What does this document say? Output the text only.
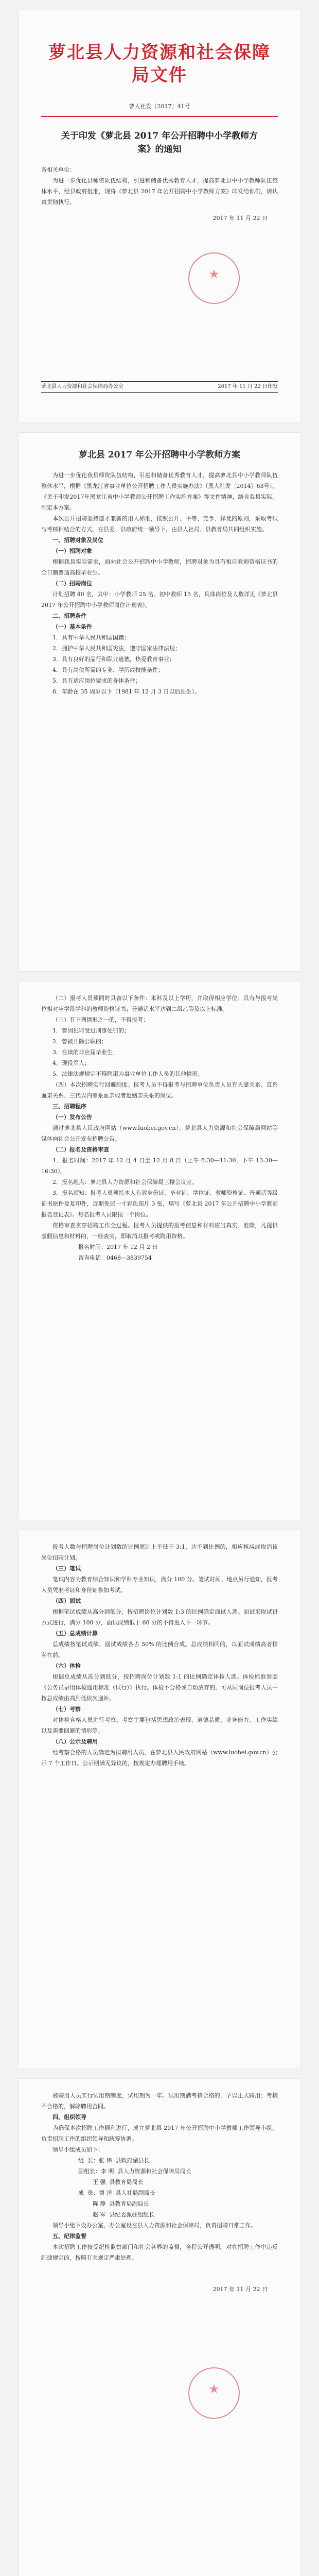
萝北县人力资源和社会保障局文件
萝人社发〔2017〕41号
关于印发《萝北县 2017 年公开招聘中小学教师方
案》的通知

各相关单位：

为进一步优化县师资队伍结构，引进和储备优秀教育人才，提高萝北县中小学教师队伍整体水平，经县政府批准，现将《萝北县 2017 年公开招聘中小学教师方案》印发给你们，请认真贯彻执行。

2017 年 11 月 22 日
★
萝北县人力资源和社会保障局办公室	2017 年 11 月 22 日印发
萝北县 2017 年公开招聘中小学教师方案

为进一步优化我县师资队伍结构，引进和储备优秀教育人才，提高萝北县中小学教师队伍整体水平，根据《黑龙江省事业单位公开招聘工作人员实施办法》（黑人社发〔2014〕63号）、《关于印发2017年黑龙江省中小学教师公开招聘工作实施方案》等文件精神，结合我县实际，制定本方案。

本次公开招聘坚持德才兼备的用人标准，按照公开、平等、竞争、择优的原则，采取考试与考核相结合的方式，在县委、县政府统一领导下，由县人社局、县教育局共同组织实施。

一、招聘对象及岗位

（一）招聘对象

根据我县实际需求，面向社会公开招聘中小学教师，招聘对象为具有相应教师资格证书的全日制普通高校毕业生。

（二）招聘岗位

计划招聘 40 名，其中：小学教师 25 名、初中教师 15 名，具体岗位及人数详见《萝北县 2017 年公开招聘中小学教师岗位计划表》。

二、招聘条件

（一）基本条件

1．具有中华人民共和国国籍；

2．拥护中华人民共和国宪法，遵守国家法律法规；

3．具有良好的品行和职业道德，热爱教育事业；

4．具有岗位所需的专业、学历或技能条件；

5．具有适应岗位要求的身体条件；

6．年龄在 35 周岁以下（1981 年 12 月 3 日以后出生）。

（二）报考人员须同时具备以下条件：本科及以上学历，并取得相应学位；具有与报考岗位相对应学段学科的教师资格证书；普通话水平达到二级乙等及以上标准。

（三）有下列情形之一的，不得报考：

1．曾因犯罪受过刑事处罚的；

2．曾被开除公职的；

3．在读的非应届毕业生；

4．现役军人；

5．法律法规规定不得聘用为事业单位工作人员的其他情形。

（四）本次招聘实行回避制度。报考人员不得报考与招聘单位负责人员有夫妻关系、直系血亲关系、三代以内旁系血亲或者近姻亲关系的岗位。

三、招聘程序

（一）发布公告

通过萝北县人民政府网站（www.luobei.gov.cn）、萝北县人力资源和社会保障局网站等媒体向社会公开发布招聘公告。

（二）报名及资格审查

1．报名时间：2017 年 12 月 4 日至 12 月 8 日（上午 8:30—11:30，下午 13:30—16:30）。

2．报名地点：萝北县人力资源和社会保障局三楼会议室。

3．报名须知：报考人员须持本人有效身份证、毕业证、学位证、教师资格证、普通话等级证书原件及复印件，近期免冠一寸彩色照片 3 张，填写《萝北县 2017 年公开招聘中小学教师报名登记表》。每名报考人员限报一个岗位。

资格审查贯穿招聘工作全过程。报考人员提供的报考信息和材料应当真实、准确，凡提供虚假信息和材料的，一经查实，即取消其报考或聘用资格。

报名时间：2017 年 12 月 2 日

咨询电话：0468—3839754

报考人数与招聘岗位计划数的比例原则上不低于 3:1，达不到比例的，相应核减或取消该岗位招聘计划。

（三）笔试

笔试内容为教育综合知识和学科专业知识，满分 100 分。笔试时间、地点另行通知，报考人员凭准考证和身份证参加考试。

（四）面试

根据笔试成绩从高分到低分，按招聘岗位计划数 1:3 的比例确定面试人选。面试采取试讲方式进行，满分 100 分，面试成绩低于 60 分的不得进入下一环节。

（五）总成绩计算

总成绩按笔试成绩、面试成绩各占 50% 的比例合成。总成绩相同的，以面试成绩高者排名在前。

（六）体检

根据总成绩从高分到低分，按招聘岗位计划数 1:1 的比例确定体检人选。体检标准参照《公务员录用体检通用标准（试行）》执行。体检不合格或自动放弃的，可从同岗位报考人员中按总成绩由高到低依次递补。

（七）考察

对体检合格人员进行考察。考察主要包括思想政治表现、道德品质、业务能力、工作实绩以及需要回避的情形等。

（八）公示及聘用

经考察合格的人员确定为拟聘用人员，在萝北县人民政府网站（www.luobei.gov.cn）公示 7 个工作日。公示期满无异议的，按规定办理聘用手续。

被聘用人员实行试用期制度，试用期为一年。试用期满考核合格的，予以正式聘用；考核不合格的，解除聘用合同。

四、组织领导

为确保本次招聘工作顺利进行，成立萝北县 2017 年公开招聘中小学教师工作领导小组，负责招聘工作的组织领导和统筹协调。

领导小组成员如下：

组  长：张 伟  县政府副县长

副组长：李 明  县人力资源和社会保障局局长

王 强  县教育局局长

成  员：刘 洋  县人社局副局长

陈 静  县教育局副局长

赵 军  县纪委派驻组组长

领导小组下设办公室，办公室设在县人力资源和社会保障局，负责招聘日常工作。

五、纪律监督

本次招聘工作接受纪检监察部门和社会各界的监督，全程公开透明。对在招聘工作中违反纪律规定的，按照有关规定严肃处理。

2017 年 11 月 22 日
★
